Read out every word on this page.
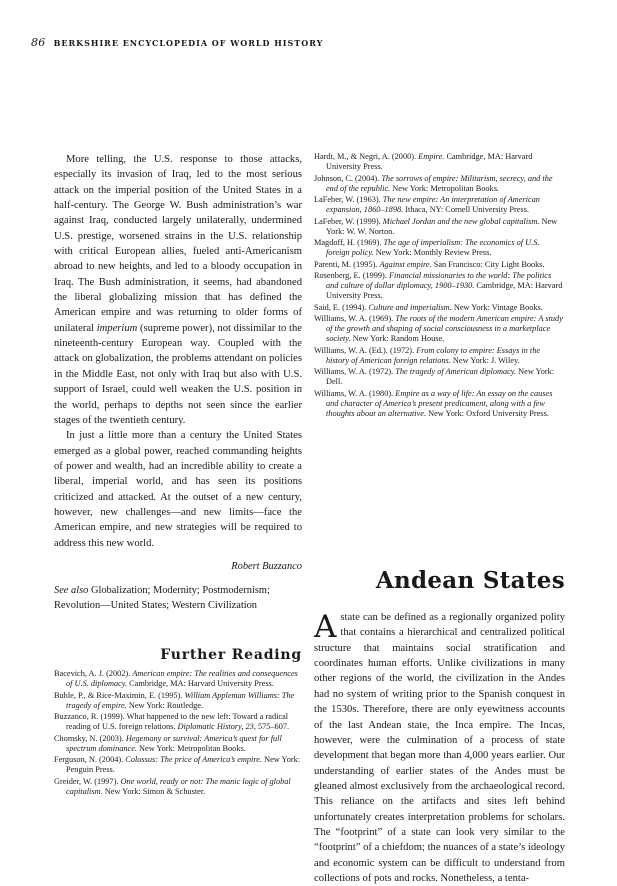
86 BERKSHIRE ENCYCLOPEDIA OF WORLD HISTORY

More telling, the U.S. response to those attacks, especially its invasion of Iraq, led to the most serious attack on the imperial position of the United States in a half-century. The George W. Bush administration’s war against Iraq, conducted largely unilaterally, undermined U.S. prestige, worsened strains in the U.S. relationship with critical European allies, fueled anti-Americanism abroad to new heights, and led to a bloody occupation in Iraq. The Bush administration, it seems, had abandoned the liberal globalizing mission that has defined the American empire and was returning to older forms of unilateral imperium (supreme power), not dissimilar to the nineteenth-century European way. Coupled with the attack on globalization, the problems attendant on policies in the Middle East, not only with Iraq but also with U.S. support of Israel, could well weaken the U.S. position in the world, perhaps to depths not seen since the earlier stages of the twentieth century.

In just a little more than a century the United States emerged as a global power, reached commanding heights of power and wealth, had an incredible ability to create a liberal, imperial world, and has seen its positions criticized and attacked. At the outset of a new century, however, new challenges—and new limits—face the American empire, and new strategies will be required to address this new world.

Robert Buzzanco

See also Globalization; Modernity; Postmodernism; Revolution—United States; Western Civilization

Further Reading
Bacevich, A. J. (2002). American empire: The realities and consequences of U.S. diplomacy. Cambridge, MA: Harvard University Press.
Buhle, P., & Rice-Maximin, E. (1995). William Appleman Williams: The tragedy of empire. New York: Routledge.
Buzzanco, R. (1999). What happened to the new left: Toward a radical reading of U.S. foreign relations. Diplomatic History, 23, 575–607.
Chomsky, N. (2003). Hegemony or survival: America’s quest for full spectrum dominance. New York: Metropolitan Books.
Ferguson, N. (2004). Colossus: The price of America’s empire. New York: Penguin Press.
Greider, W. (1997). One world, ready or not: The manic logic of global capitalism. New York: Simon & Schuster.
Hardt, M., & Negri, A. (2000). Empire. Cambridge, MA: Harvard University Press.
Johnson, C. (2004). The sorrows of empire: Militarism, secrecy, and the end of the republic. New York: Metropolitan Books.
LaFeber, W. (1963). The new empire: An interpretation of American expansion, 1860–1898. Ithaca, NY: Cornell University Press.
LaFeber, W. (1999). Michael Jordan and the new global capitalism. New York: W. W. Norton.
Magdoff, H. (1969). The age of imperialism: The economics of U.S. foreign policy. New York: Monthly Review Press.
Parenti, M. (1995). Against empire. San Francisco: City Light Books.
Rosenberg, E. (1999). Financial missionaries to the world: The politics and culture of dollar diplomacy, 1900–1930. Cambridge, MA: Harvard University Press.
Said, E. (1994). Culture and imperialism. New York: Vintage Books.
Williams, W. A. (1969). The roots of the modern American empire: A study of the growth and shaping of social consciousness in a marketplace society. New York: Random House.
Williams, W. A. (Ed.). (1972). From colony to empire: Essays in the history of American foreign relations. New York: J. Wiley.
Williams, W. A. (1972). The tragedy of American diplomacy. New York: Dell.
Williams, W. A. (1980). Empire as a way of life: An essay on the causes and character of America’s present predicament, along with a few thoughts about an alternative. New York: Oxford University Press.
Andean States

Astate can be defined as a regionally organized polity that contains a hierarchical and centralized political structure that maintains social stratification and coordinates human efforts. Unlike civilizations in many other regions of the world, the civilization in the Andes had no system of writing prior to the Spanish conquest in the 1530s. Therefore, there are only eyewitness accounts of the last Andean state, the Inca empire. The Incas, however, were the culmination of a process of state development that began more than 4,000 years earlier. Our understanding of earlier states of the Andes must be gleaned almost exclusively from the archaeological record. This reliance on the artifacts and sites left behind unfortunately creates interpretation problems for scholars. The “footprint” of a state can look very similar to the “footprint” of a chiefdom; the nuances of a state’s ideology and economic system can be difficult to understand from collections of pots and rocks. Nonetheless, a tenta-
